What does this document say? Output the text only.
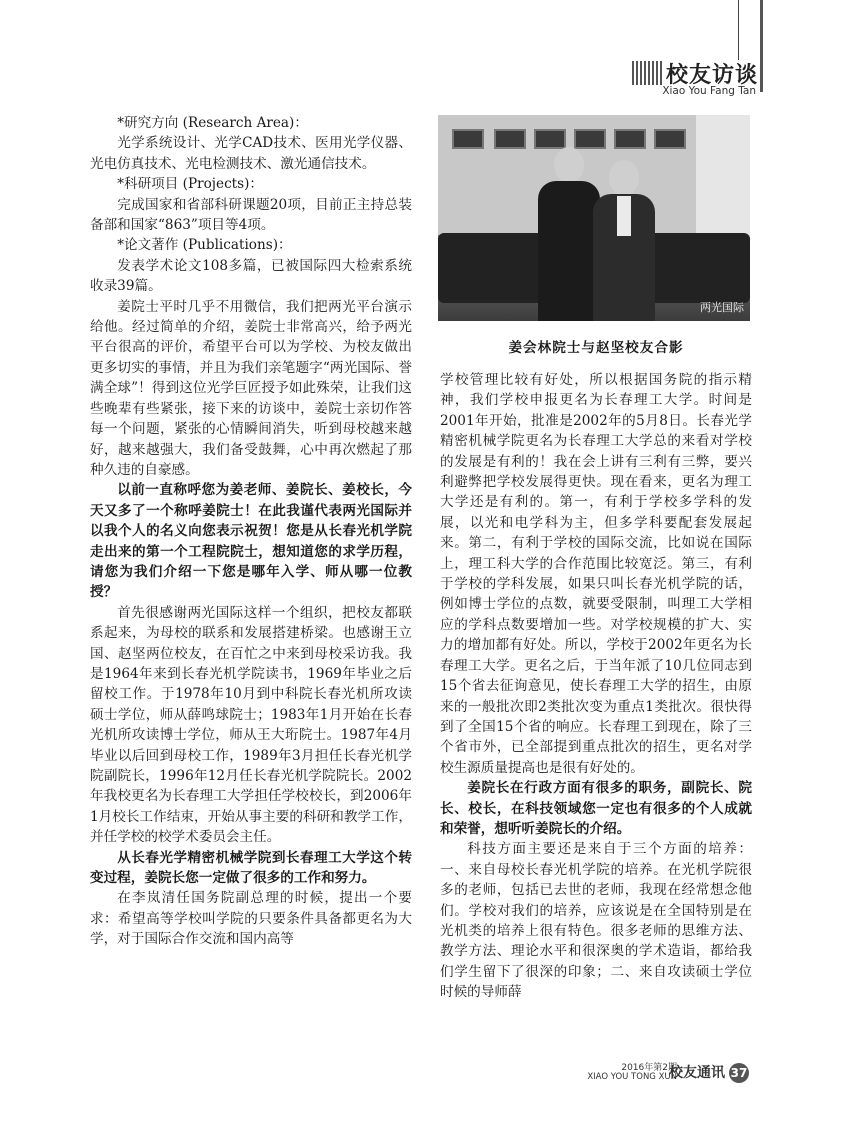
校友访谈
Xiao You Fang Tan

*研究方向 (Research Area)：

光学系统设计、光学CAD技术、医用光学仪器、光电仿真技术、光电检测技术、激光通信技术。

*科研项目 (Projects)：

完成国家和省部科研课题20项，目前正主持总装备部和国家“863”项目等4项。

*论文著作 (Publications)：

发表学术论文108多篇，已被国际四大检索系统收录39篇。

姜院士平时几乎不用微信，我们把两光平台演示给他。经过简单的介绍，姜院士非常高兴，给予两光平台很高的评价，希望平台可以为学校、为校友做出更多切实的事情，并且为我们亲笔题字“两光国际、誉满全球”！得到这位光学巨匠授予如此殊荣，让我们这些晚辈有些紧张，接下来的访谈中，姜院士亲切作答每一个问题，紧张的心情瞬间消失，听到母校越来越好，越来越强大，我们备受鼓舞，心中再次燃起了那种久违的自豪感。

以前一直称呼您为姜老师、姜院长、姜校长，今天又多了一个称呼姜院士！在此我谨代表两光国际并以我个人的名义向您表示祝贺！您是从长春光机学院走出来的第一个工程院院士，想知道您的求学历程，请您为我们介绍一下您是哪年入学、师从哪一位教授？

首先很感谢两光国际这样一个组织，把校友都联系起来，为母校的联系和发展搭建桥梁。也感谢王立国、赵坚两位校友，在百忙之中来到母校采访我。我是1964年来到长春光机学院读书，1969年毕业之后留校工作。于1978年10月到中科院长春光机所攻读硕士学位，师从薛鸣球院士；1983年1月开始在长春光机所攻读博士学位，师从王大珩院士。1987年4月毕业以后回到母校工作，1989年3月担任长春光机学院副院长，1996年12月任长春光机学院院长。2002年我校更名为长春理工大学担任学校校长，到2006年1月校长工作结束，开始从事主要的科研和教学工作，并任学校的校学术委员会主任。

从长春光学精密机械学院到长春理工大学这个转变过程，姜院长您一定做了很多的工作和努力。

在李岚清任国务院副总理的时候，提出一个要求：希望高等学校叫学院的只要条件具备都更名为大学，对于国际合作交流和国内高等

两光国际
姜会林院士与赵坚校友合影

学校管理比较有好处，所以根据国务院的指示精神，我们学校申报更名为长春理工大学。时间是2001年开始，批准是2002年的5月8日。长春光学精密机械学院更名为长春理工大学总的来看对学校的发展是有利的！我在会上讲有三利有三弊，要兴利避弊把学校发展得更快。现在看来，更名为理工大学还是有利的。第一，有利于学校多学科的发展，以光和电学科为主，但多学科要配套发展起来。第二，有利于学校的国际交流，比如说在国际上，理工科大学的合作范围比较宽泛。第三，有利于学校的学科发展，如果只叫长春光机学院的话，例如博士学位的点数，就要受限制，叫理工大学相应的学科点数要增加一些。对学校规模的扩大、实力的增加都有好处。所以，学校于2002年更名为长春理工大学。更名之后，于当年派了10几位同志到15个省去征询意见，使长春理工大学的招生，由原来的一般批次即2类批次变为重点1类批次。很快得到了全国15个省的响应。长春理工到现在，除了三个省市外，已全部提到重点批次的招生，更名对学校生源质量提高也是很有好处的。

姜院长在行政方面有很多的职务，副院长、院长、校长，在科技领域您一定也有很多的个人成就和荣誉，想听听姜院长的介绍。

科技方面主要还是来自于三个方面的培养：一、来自母校长春光机学院的培养。在光机学院很多的老师，包括已去世的老师，我现在经常想念他们。学校对我们的培养，应该说是在全国特别是在光机类的培养上很有特色。很多老师的思维方法、教学方法、理论水平和很深奥的学术造诣，都给我们学生留下了很深的印象；二、来自攻读硕士学位时候的导师薛

2016年第2期
XIAO YOU TONG XUN
校友通讯 37
